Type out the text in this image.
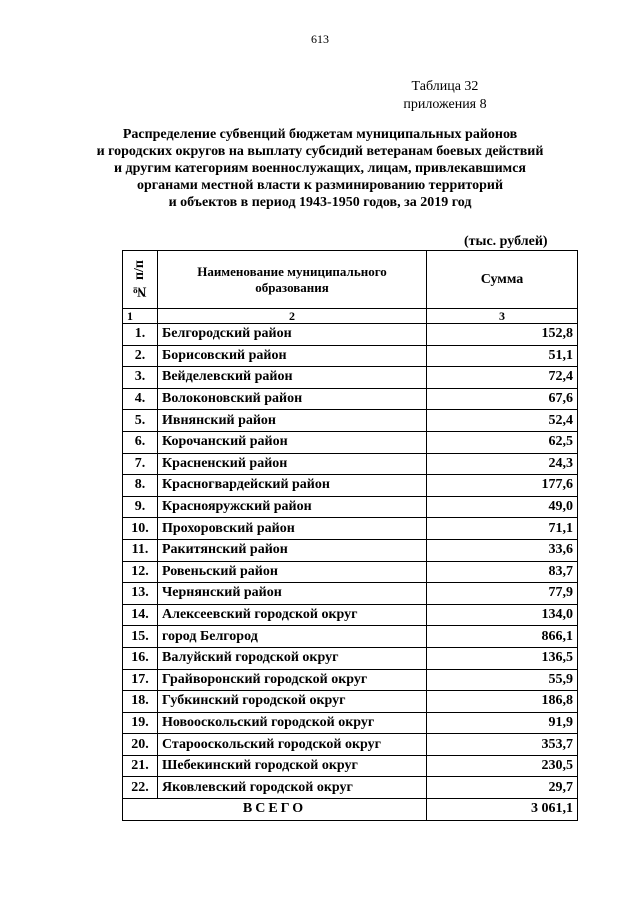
613
Таблица 32
приложения 8
Распределение субвенций бюджетам муниципальных районов
и городских округов на выплату субсидий ветеранам боевых действий
и другим категориям военнослужащих, лицам, привлекавшимся
органами местной власти к разминированию территорий
и объектов в период 1943-1950 годов, за 2019 год
(тыс. рублей)
№ п/п	Наименование муниципального образования	Сумма
1	2	3
1.	Белгородский район	152,8
2.	Борисовский район	51,1
3.	Вейделевский район	72,4
4.	Волоконовский район	67,6
5.	Ивнянский район	52,4
6.	Корочанский район	62,5
7.	Красненский район	24,3
8.	Красногвардейский район	177,6
9.	Краснояружский район	49,0
10.	Прохоровский район	71,1
11.	Ракитянский район	33,6
12.	Ровеньский район	83,7
13.	Чернянский район	77,9
14.	Алексеевский городской округ	134,0
15.	город Белгород	866,1
16.	Валуйский городской округ	136,5
17.	Грайворонский городской округ	55,9
18.	Губкинский городской округ	186,8
19.	Новооскольский городской округ	91,9
20.	Старооскольский городской округ	353,7
21.	Шебекинский городской округ	230,5
22.	Яковлевский городской округ	29,7
ВСЕГО		3 061,1
